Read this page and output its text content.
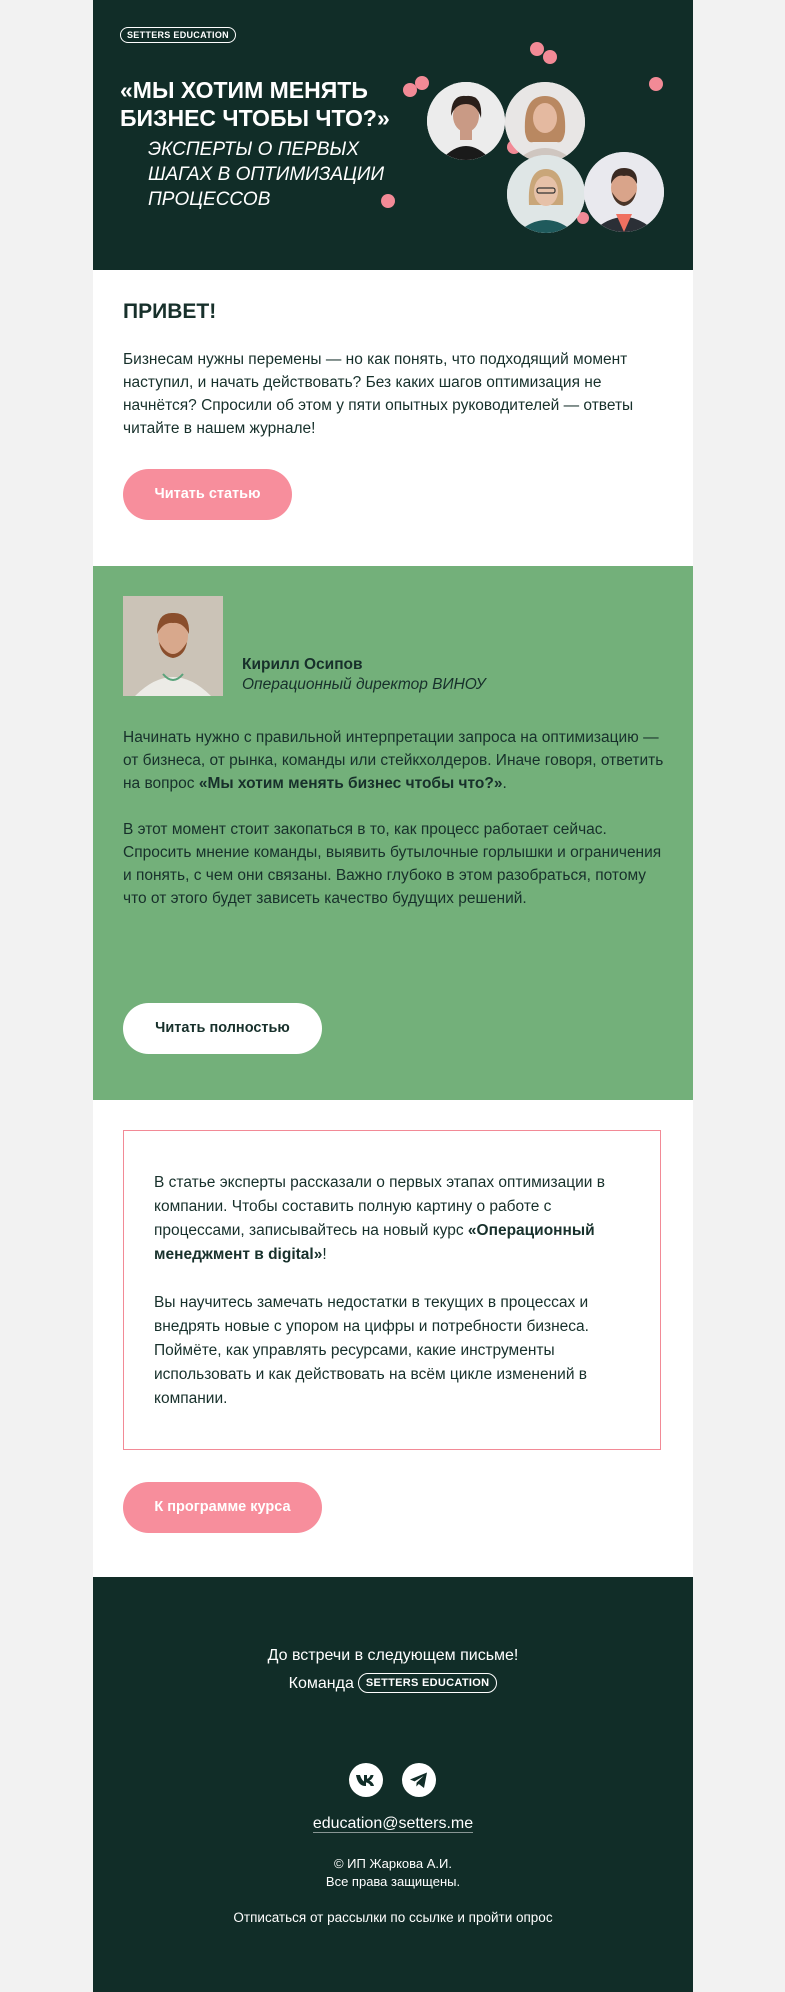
SETTERS EDUCATION
«МЫ ХОТИМ МЕНЯТЬ БИЗНЕС ЧТОБЫ ЧТО?»
ЭКСПЕРТЫ О ПЕРВЫХ ШАГАХ В ОПТИМИЗАЦИИ ПРОЦЕССОВ
ПРИВЕТ!
Бизнесам нужны перемены — но как понять, что подходящий момент наступил, и начать действовать? Без каких шагов оптимизация не начнётся? Спросили об этом у пяти опытных руководителей — ответы читайте в нашем журнале!
Читать статью
Кирилл Осипов
Операционный директор ВИНОУ

Начинать нужно с правильной интерпретации запроса на оптимизацию — от бизнеса, от рынка, команды или стейкхолдеров. Иначе говоря, ответить на вопрос «Мы хотим менять бизнес чтобы что?».

В этот момент стоит закопаться в то, как процесс работает сейчас. Спросить мнение команды, выявить бутылочные горлышки и ограничения и понять, с чем они связаны. Важно глубоко в этом разобраться, потому что от этого будет зависеть качество будущих решений.

Читать полностью

В статье эксперты рассказали о первых этапах оптимизации в компании. Чтобы составить полную картину о работе с процессами, записывайтесь на новый курс «Операционный менеджмент в digital»!

Вы научитесь замечать недостатки в текущих в процессах и внедрять новые с упором на цифры и потребности бизнеса. Поймёте, как управлять ресурсами, какие инструменты использовать и как действовать на всём цикле изменений в компании.

К программе курса
До встречи в следующем письме!
Команда SETTERS EDUCATION
education@setters.me
© ИП Жаркова А.И.
Все права защищены.
Отписаться от рассылки по ссылке и пройти опрос
